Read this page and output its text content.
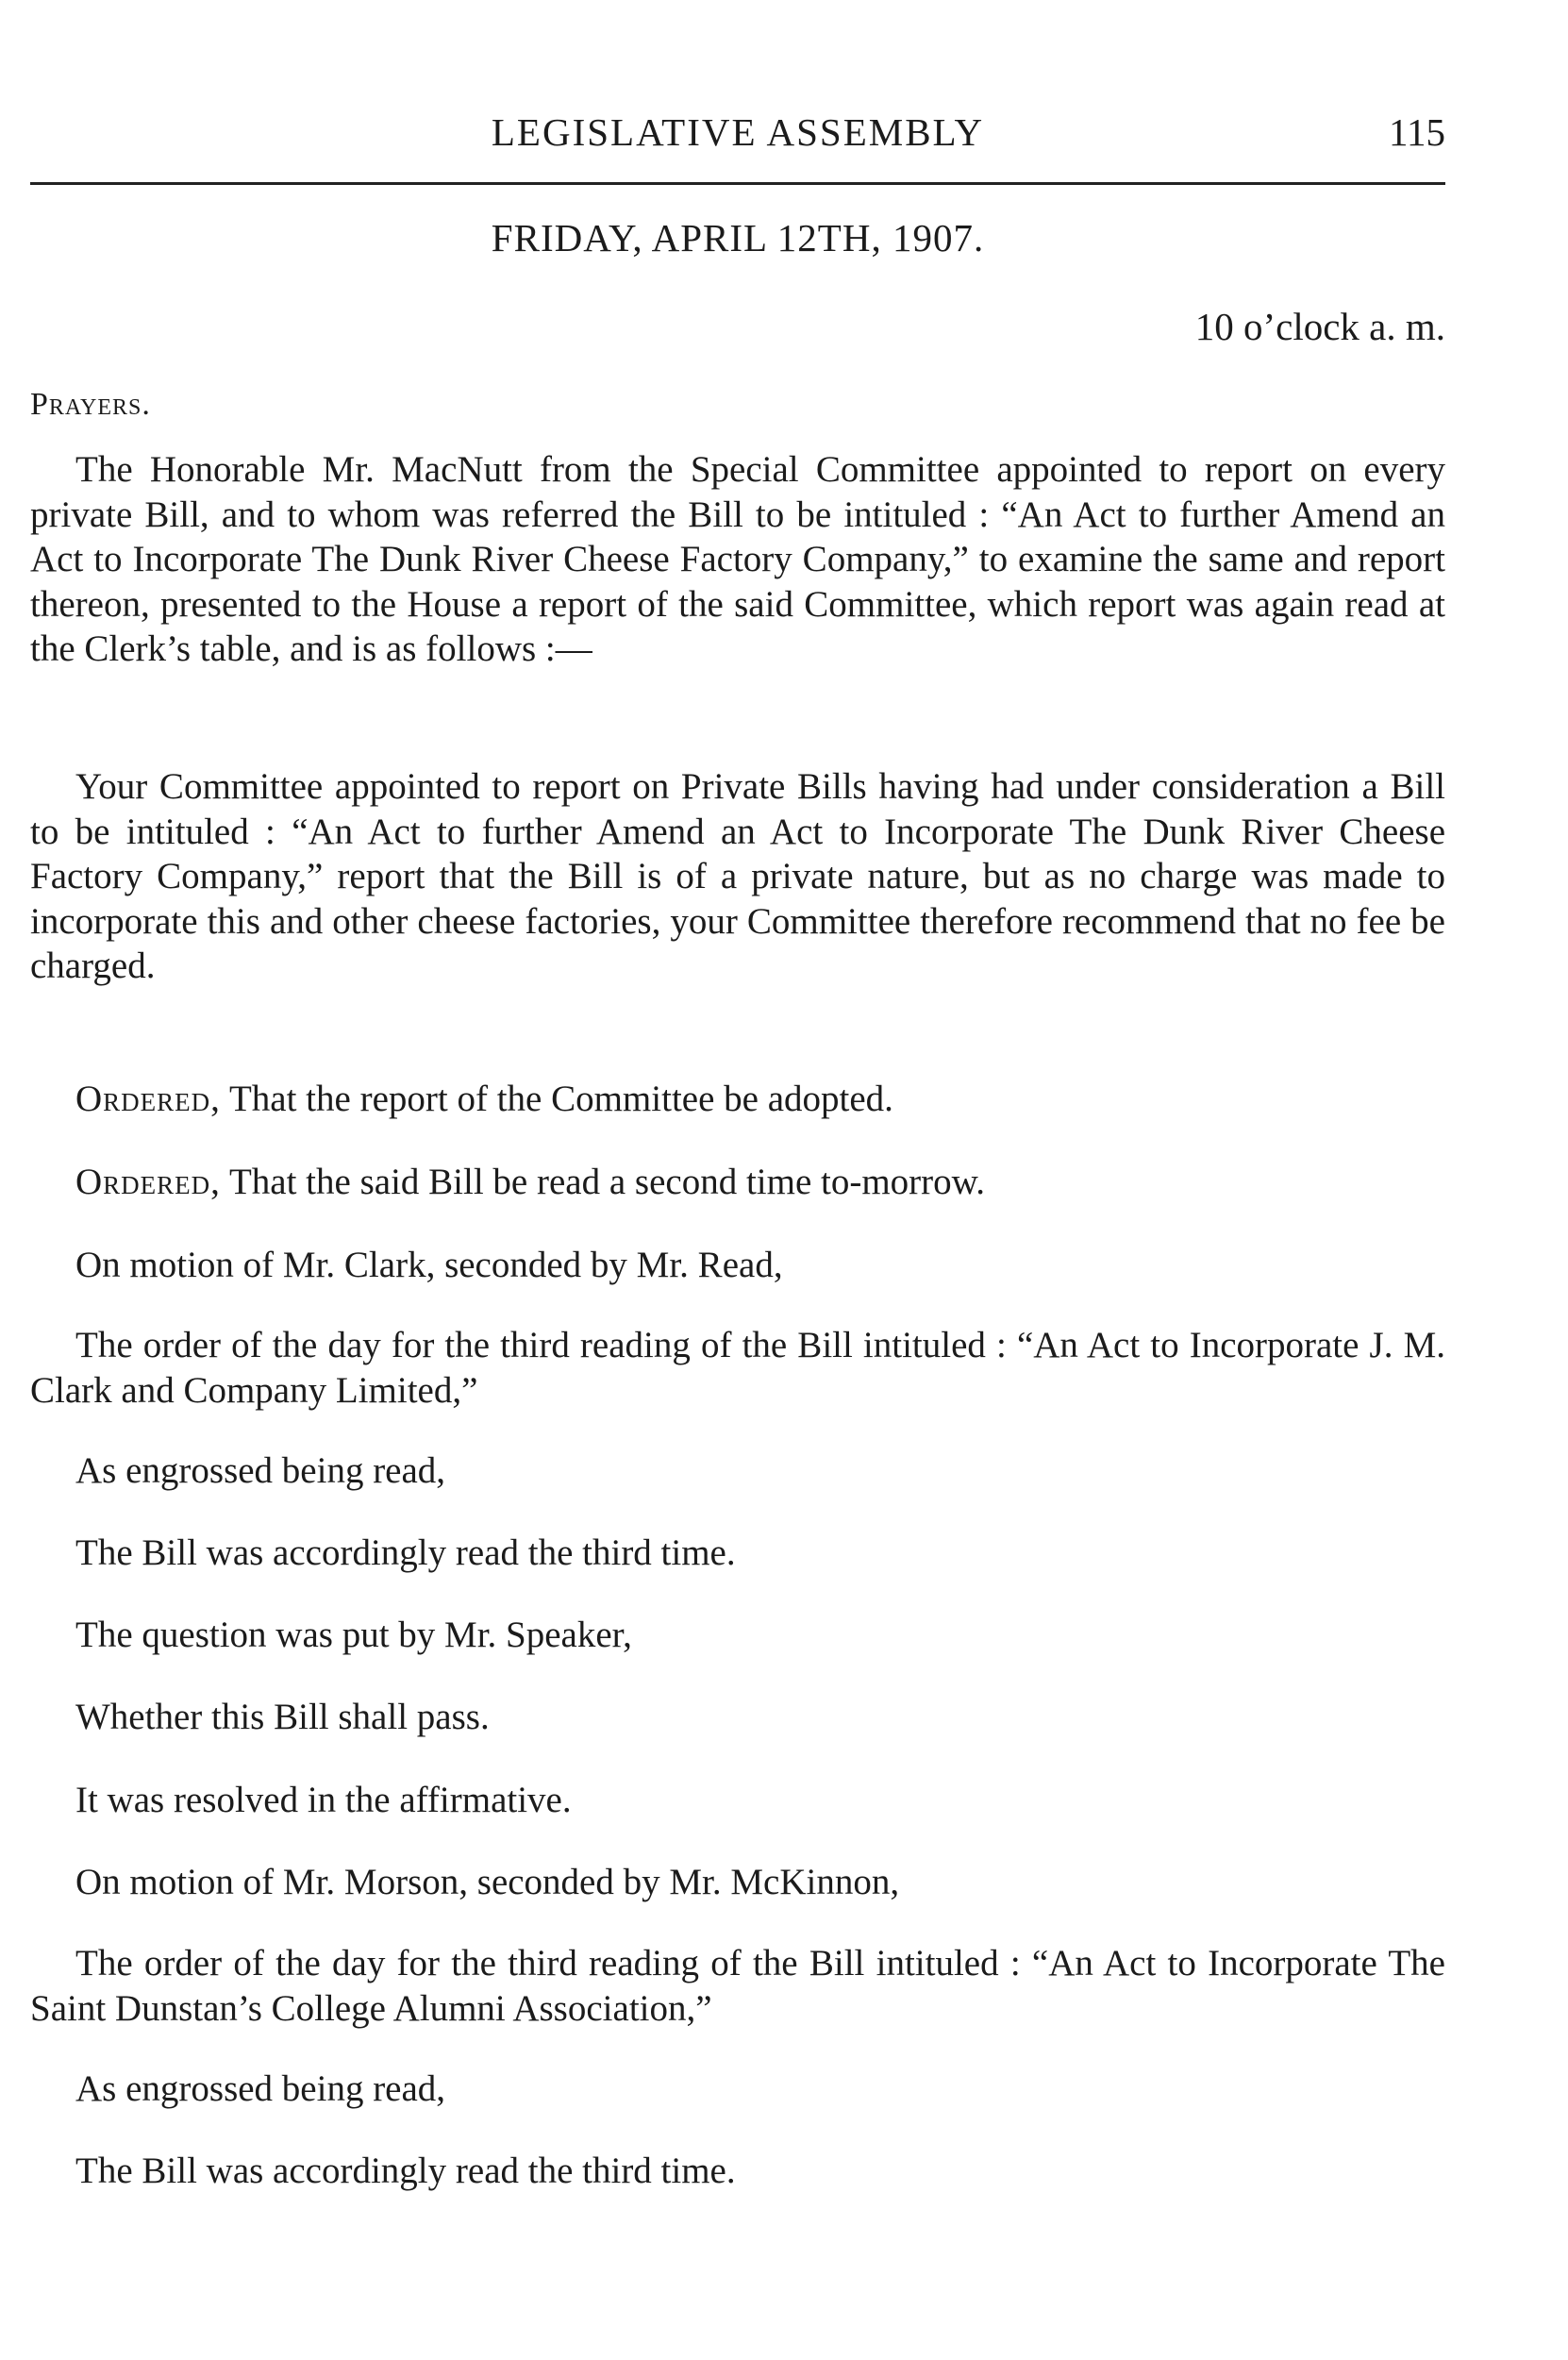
LEGISLATIVE ASSEMBLY	115
FRIDAY, APRIL 12TH, 1907.
10 o’clock a. m.
Prayers.

The Honorable Mr. MacNutt from the Special Committee appointed to report on every private Bill, and to whom was referred the Bill to be intituled : “An Act to further Amend an Act to Incorporate The Dunk River Cheese Factory Company,” to examine the same and report thereon, presented to the House a report of the said Committee, which report was again read at the Clerk’s table, and is as follows :—

Your Committee appointed to report on Private Bills having had under consideration a Bill to be intituled : “An Act to further Amend an Act to Incorporate The Dunk River Cheese Factory Company,” report that the Bill is of a private nature, but as no charge was made to incorporate this and other cheese factories, your Committee therefore recommend that no fee be charged.

Ordered, That the report of the Committee be adopted.
Ordered, That the said Bill be read a second time to-morrow.
On motion of Mr. Clark, seconded by Mr. Read,

The order of the day for the third reading of the Bill intituled : “An Act to Incorporate J. M. Clark and Company Limited,”

As engrossed being read,
The Bill was accordingly read the third time.
The question was put by Mr. Speaker,
Whether this Bill shall pass.
It was resolved in the affirmative.
On motion of Mr. Morson, seconded by Mr. McKinnon,

The order of the day for the third reading of the Bill intituled : “An Act to Incorporate The Saint Dunstan’s College Alumni Association,”

As engrossed being read,
The Bill was accordingly read the third time.
